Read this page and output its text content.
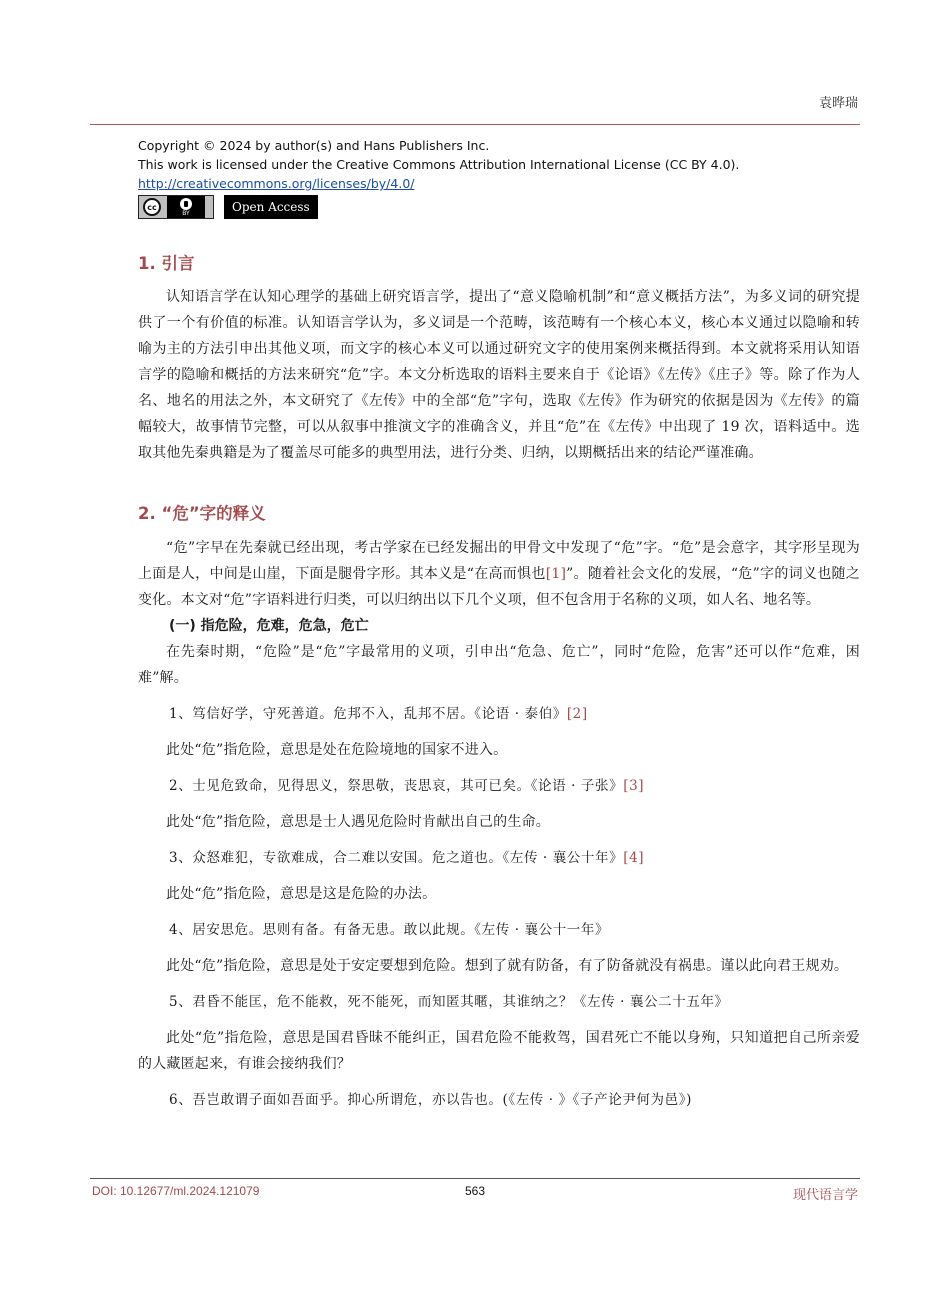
袁晔瑞
Copyright © 2024 by author(s) and Hans Publishers Inc.
This work is licensed under the Creative Commons Attribution International License (CC BY 4.0).
http://creativecommons.org/licenses/by/4.0/
cc
BY	Open Access
1. 引言

认知语言学在认知心理学的基础上研究语言学，提出了“意义隐喻机制”和“意义概括方法”，为多义词的研究提供了一个有价值的标准。认知语言学认为，多义词是一个范畴，该范畴有一个核心本义，核心本义通过以隐喻和转喻为主的方法引申出其他义项，而文字的核心本义可以通过研究文字的使用案例来概括得到。本文就将采用认知语言学的隐喻和概括的方法来研究“危”字。本文分析选取的语料主要来自于《论语》《左传》《庄子》等。除了作为人名、地名的用法之外，本文研究了《左传》中的全部“危”字句，选取《左传》作为研究的依据是因为《左传》的篇幅较大，故事情节完整，可以从叙事中推演文字的准确含义，并且“危”在《左传》中出现了 19 次，语料适中。选取其他先秦典籍是为了覆盖尽可能多的典型用法，进行分类、归纳，以期概括出来的结论严谨准确。

2. “危”字的释义

“危”字早在先秦就已经出现，考古学家在已经发掘出的甲骨文中发现了“危”字。“危”是会意字，其字形呈现为上面是人，中间是山崖，下面是腿骨字形。其本义是“在高而惧也[1]”。随着社会文化的发展，“危”字的词义也随之变化。本文对“危”字语料进行归类，可以归纳出以下几个义项，但不包含用于名称的义项，如人名、地名等。

(一) 指危险，危难，危急，危亡

在先秦时期，“危险”是“危”字最常用的义项，引申出“危急、危亡”，同时“危险，危害”还可以作“危难，困难”解。

1、笃信好学，守死善道。危邦不入，乱邦不居。《论语 · 泰伯》[2]

此处“危”指危险，意思是处在危险境地的国家不进入。

2、士见危致命，见得思义，祭思敬，丧思哀，其可已矣。《论语 · 子张》[3]

此处“危”指危险，意思是士人遇见危险时肯献出自己的生命。

3、众怒难犯，专欲难成，合二难以安国。危之道也。《左传 · 襄公十年》[4]

此处“危”指危险，意思是这是危险的办法。

4、居安思危。思则有备。有备无患。敢以此规。《左传 · 襄公十一年》

此处“危”指危险，意思是处于安定要想到危险。想到了就有防备，有了防备就没有祸患。谨以此向君王规劝。

5、君昏不能匡，危不能救，死不能死，而知匿其暱，其谁纳之？《左传 · 襄公二十五年》

此处“危”指危险，意思是国君昏昧不能纠正，国君危险不能救驾，国君死亡不能以身殉，只知道把自己所亲爱的人藏匿起来，有谁会接纳我们？

6、吾岂敢谓子面如吾面乎。抑心所谓危，亦以告也。(《左传 · 》《子产论尹何为邑》)
DOI: 10.12677/ml.2024.121079	563	现代语言学
